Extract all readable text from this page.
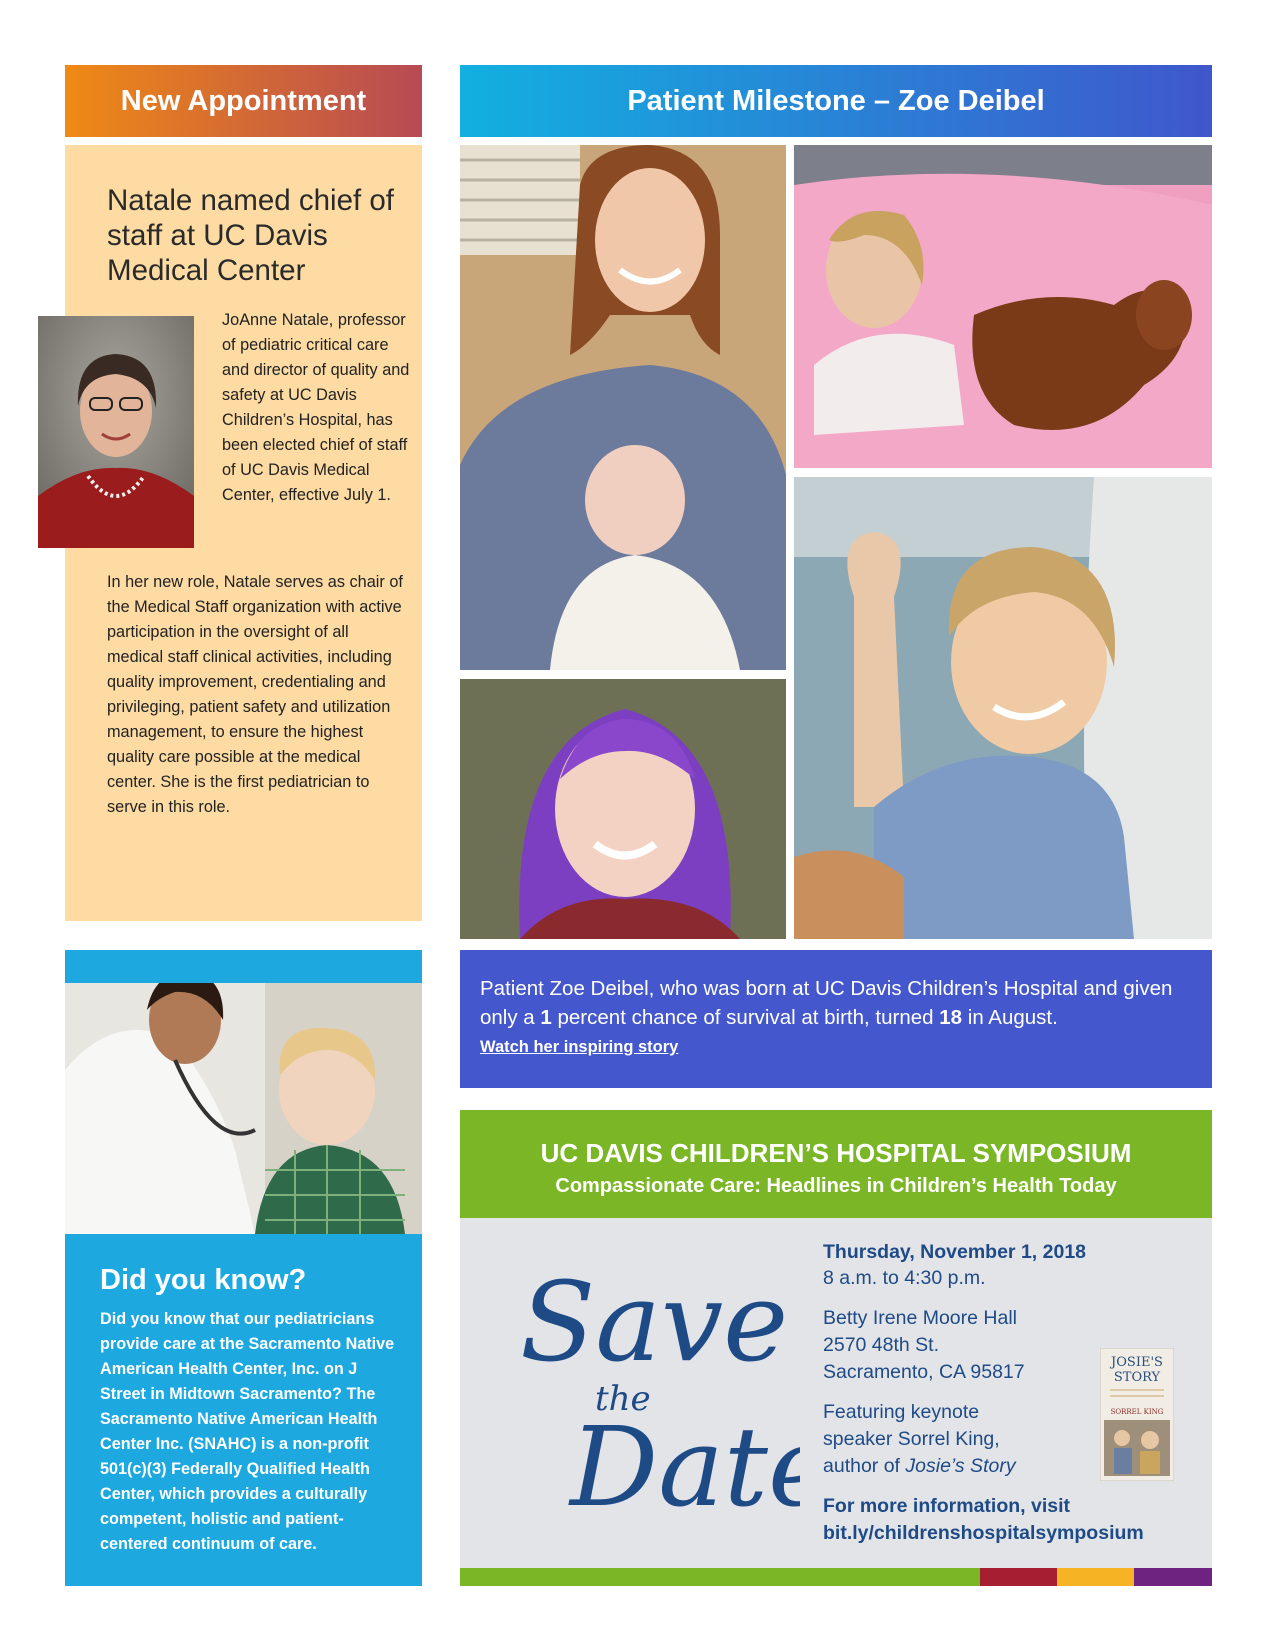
New Appointment	Patient Milestone – Zoe Deibel
Natale named chief of staff at UC Davis Medical Center
JoAnne Natale, professor of pediatric critical care and director of quality and safety at UC Davis Children’s Hospital, has been elected chief of staff of UC Davis Medical Center, effective July 1.
In her new role, Natale serves as chair of the Medical Staff organization with active participation in the oversight of all medical staff clinical activities, including quality improvement, credentialing and privileging, patient safety and utilization management, to ensure the highest quality care possible at the medical center. She is the first pediatrician to serve in this role.

Patient Zoe Deibel, who was born at UC Davis Children’s Hospital and given only a 1 percent chance of survival at birth, turned 18 in August.

Watch her inspiring story
Did you know?

Did you know that our pediatricians provide care at the Sacramento Native American Health Center, Inc. on J Street in Midtown Sacramento? The Sacramento Native American Health Center Inc. (SNAHC) is a non-profit 501(c)(3) Federally Qualified Health Center, which provides a culturally competent, holistic and patient-centered continuum of care.

UC DAVIS CHILDREN’S HOSPITAL SYMPOSIUM
Compassionate Care: Headlines in Children’s Health Today
Save
the
Dat
Thursday, November 1, 2018
8 a.m. to 4:30 p.m.
Betty Irene Moore Hall
2570 48th St.
Sacramento, CA 95817
Featuring keynote
speaker Sorrel King,
author of Josie’s Story
For more information, visit
bit.ly/childrenshospitalsymposium
JOSIE'S
STORY
SORREL KING
